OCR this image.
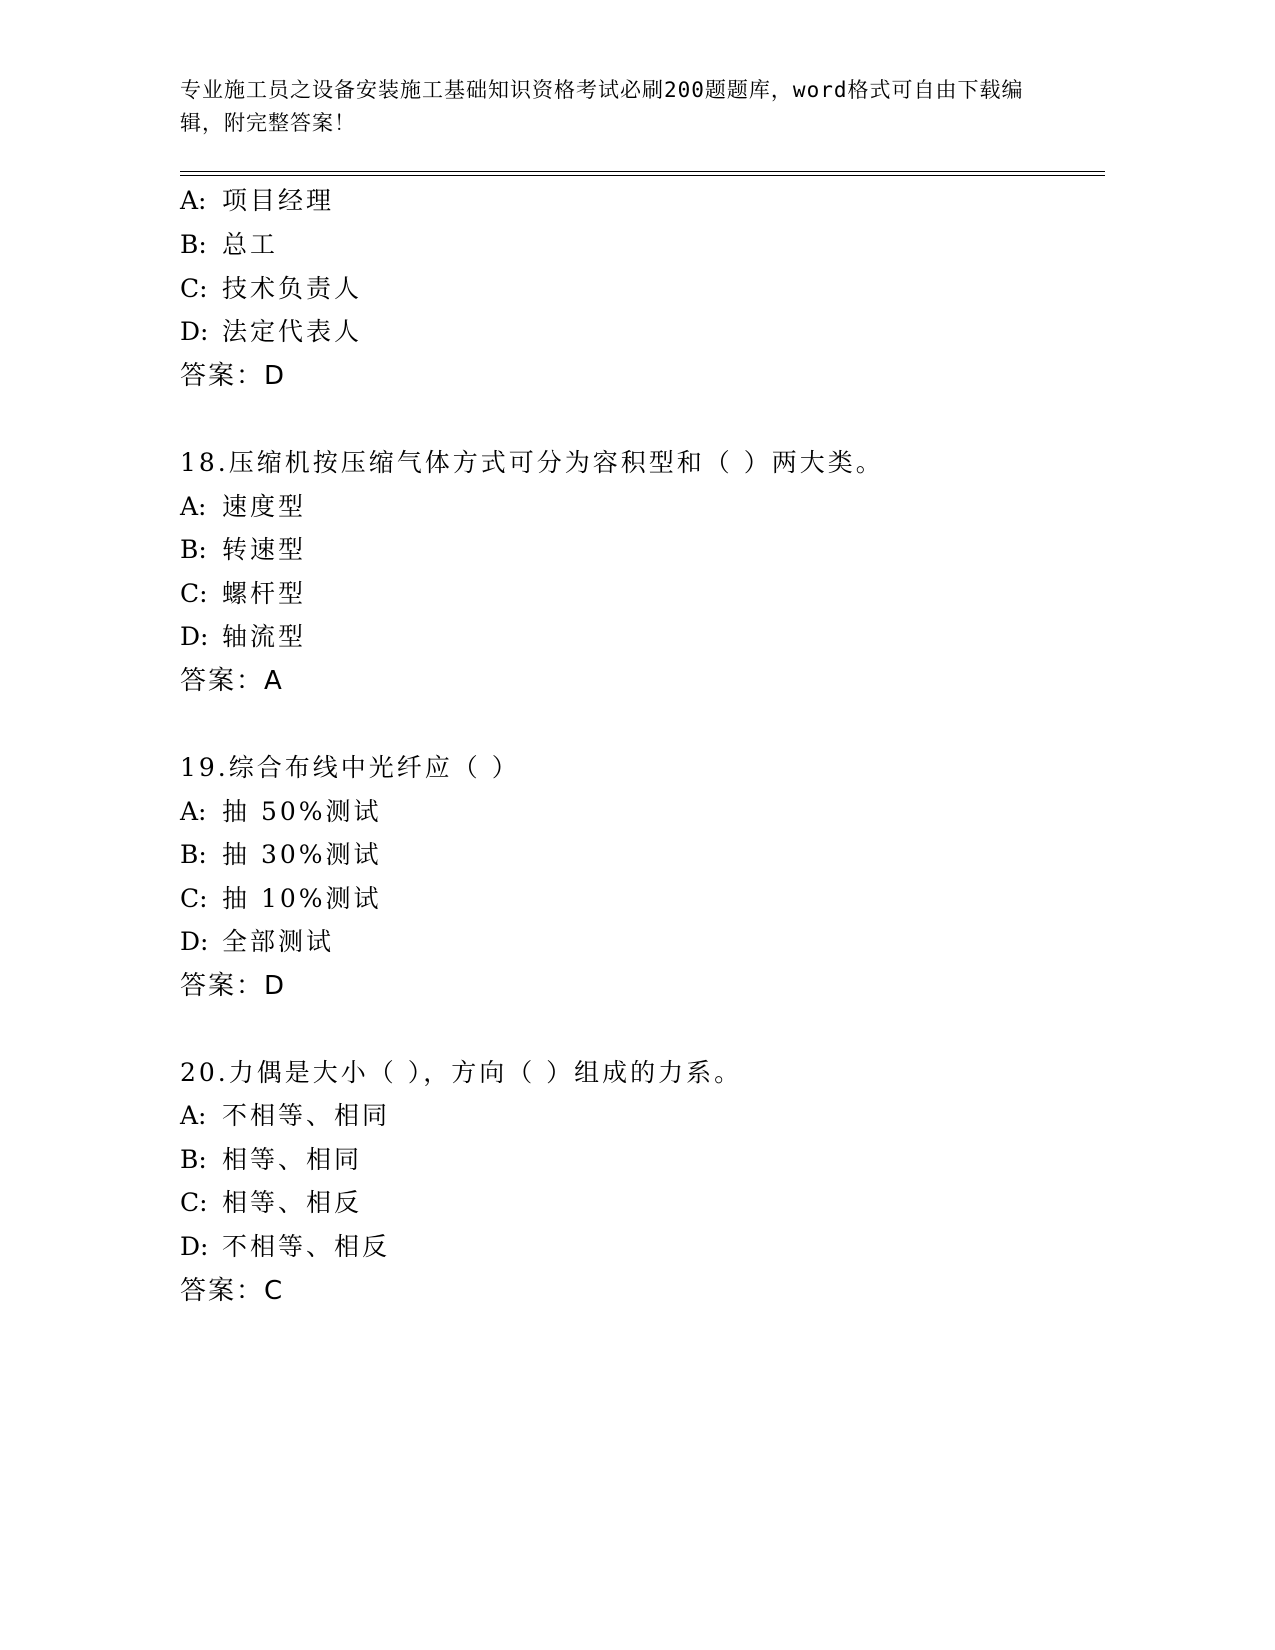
专业施工员之设备安装施工基础知识资格考试必刷200题题库，word格式可自由下载编辑，附完整答案！
A: 项目经理
B: 总工
C: 技术负责人
D: 法定代表人
答案：D
18.压缩机按压缩气体方式可分为容积型和（ ）两大类。
A: 速度型
B: 转速型
C: 螺杆型
D: 轴流型
答案：A
19.综合布线中光纤应（ ）
A: 抽 50%测试
B: 抽 30%测试
C: 抽 10%测试
D: 全部测试
答案：D
20.力偶是大小（ ），方向（ ）组成的力系。
A: 不相等、相同
B: 相等、相同
C: 相等、相反
D: 不相等、相反
答案：C
